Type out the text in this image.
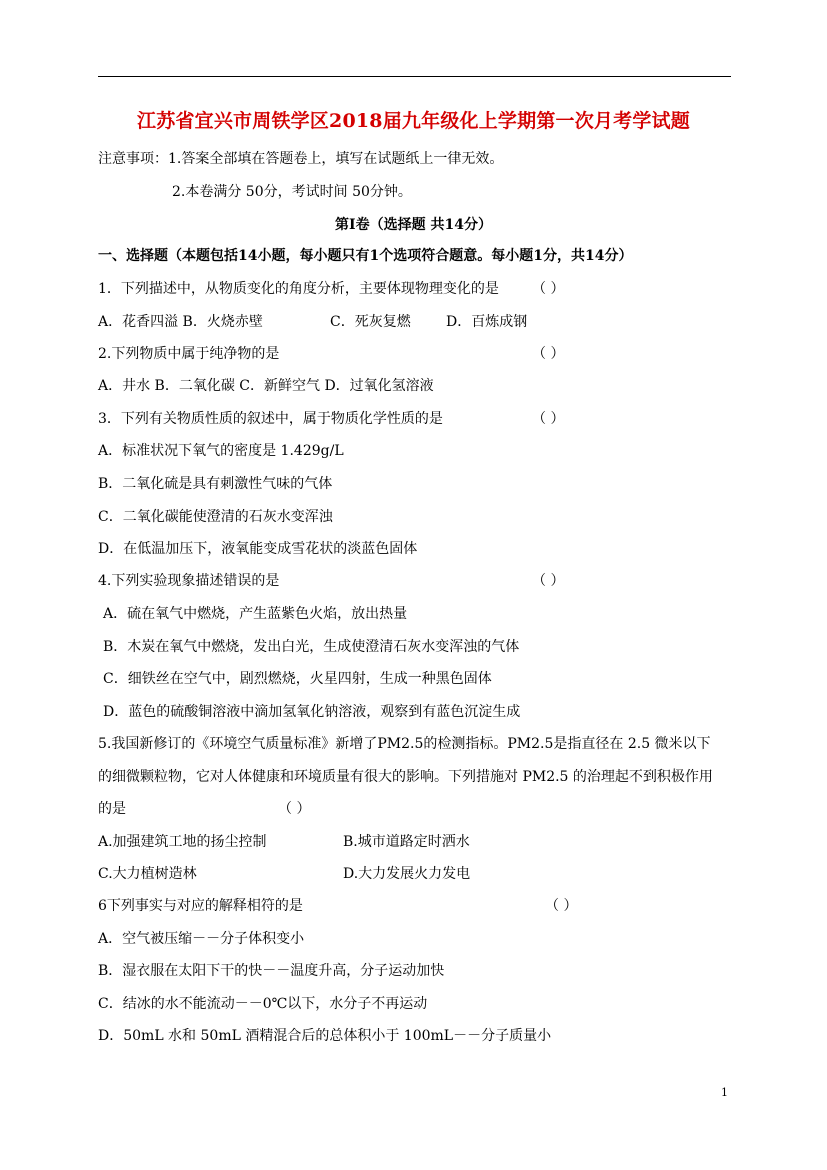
江苏省宜兴市周铁学区2018届九年级化上学期第一次月考学试题
注意事项：1.答案全部填在答题卷上，填写在试题纸上一律无效。
2.本卷满分 50分，考试时间 50分钟。
第Ⅰ卷（选择题 共14分）
一、选择题（本题包括14小题，每小题只有1个选项符合题意。每小题1分，共14分）
1．下列描述中，从物质变化的角度分析，主要体现物理变化的是 （ ）
A．花香四溢 B．火烧赤壁	C．死灰复燃	D．百炼成钢
2.下列物质中属于纯净物的是	（ ）
A．井水 B．二氧化碳 C．新鲜空气 D．过氧化氢溶液
3．下列有关物质性质的叙述中，属于物质化学性质的是	（ ）
A．标准状况下氧气的密度是 1.429g/L
B．二氧化硫是具有刺激性气味的气体
C．二氧化碳能使澄清的石灰水变浑浊
D．在低温加压下，液氧能变成雪花状的淡蓝色固体
4.下列实验现象描述错误的是	（ ）
A．硫在氧气中燃烧，产生蓝紫色火焰，放出热量
B．木炭在氧气中燃烧，发出白光，生成使澄清石灰水变浑浊的气体
C．细铁丝在空气中，剧烈燃烧，火星四射，生成一种黑色固体
D．蓝色的硫酸铜溶液中滴加氢氧化钠溶液，观察到有蓝色沉淀生成
5.我国新修订的《环境空气质量标准》新增了PM2.5的检测指标。PM2.5是指直径在 2.5 微米以下
的细微颗粒物，它对人体健康和环境质量有很大的影响。下列措施对 PM2.5 的治理起不到积极作用
的是	（ ）
A.加强建筑工地的扬尘控制	B.城市道路定时洒水
C.大力植树造林	D.大力发展火力发电
6下列事实与对应的解释相符的是	（ ）
A．空气被压缩－－分子体积变小
B．湿衣服在太阳下干的快－－温度升高，分子运动加快
C．结冰的水不能流动－－0℃以下，水分子不再运动
D．50mL 水和 50mL 酒精混合后的总体积小于 100mL－－分子质量小
1
